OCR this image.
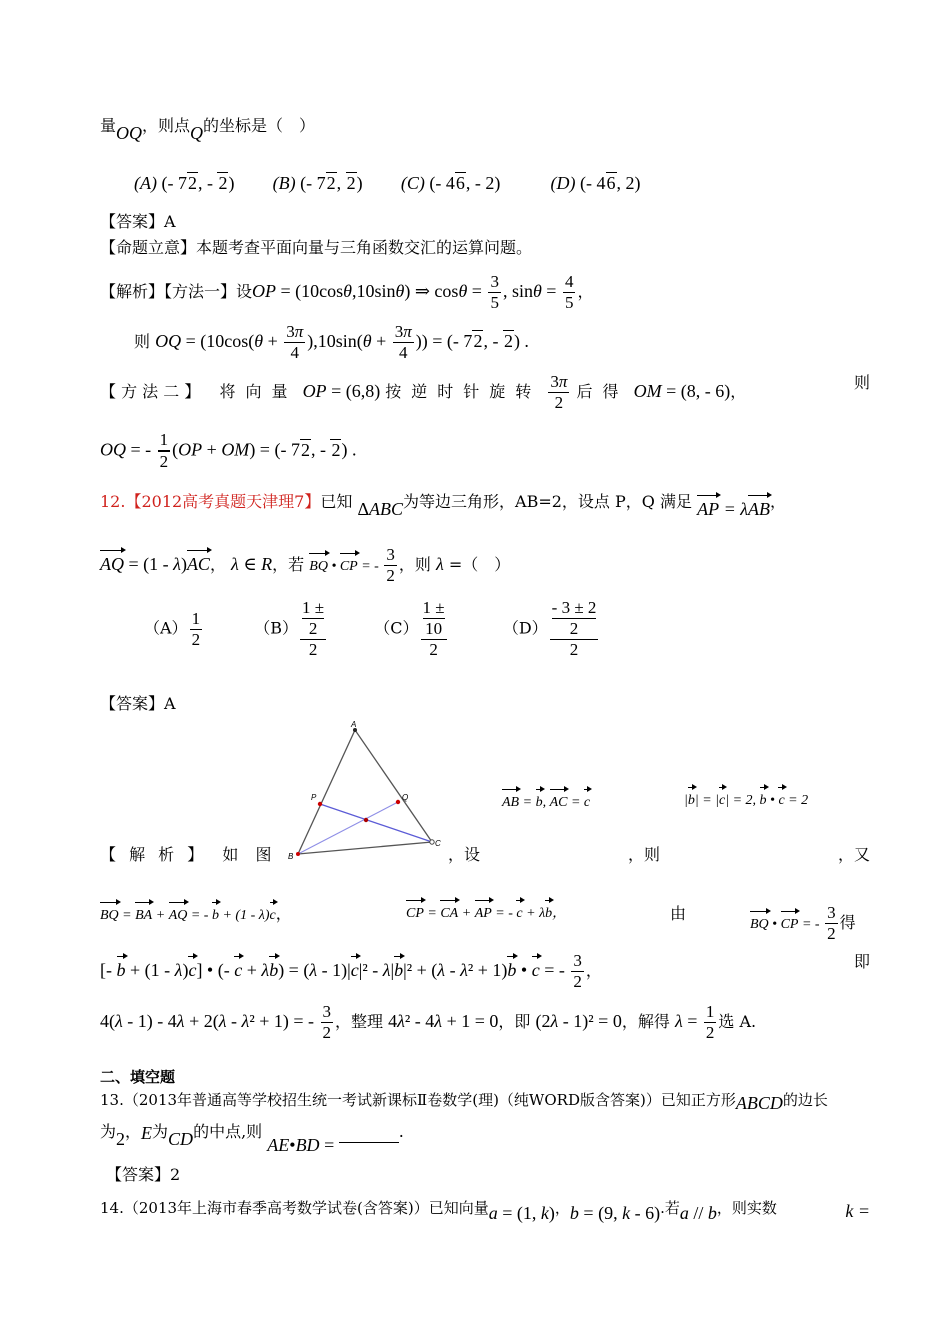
量OQ，则点Q的坐标是（　）
(A) (- 72, - 2) (B) (- 72, 2) (C) (- 46, - 2)	(D) (- 46, 2)
【答案】A
【命题立意】本题考查平面向量与三角函数交汇的运算问题。
【解析】【方法一】设OP = (10cosθ,10sinθ) ⇒ $\cos\theta = \frac{3}{5}$ , $\sin\theta = \frac{4}{5}$ ，
则 OQ = ($10\cos(\theta + \frac{3\pi}{4} ),10\sin(\theta + \frac{3\pi}{4}$ )) = (- 72, - 2) .
【 方 法 二 】 将向量 OP = (6,8) 按逆时针旋转 $\frac{3\pi}{2}$ 后得 OM = (8, - 6)，	则
OQ = - $\frac{1}{2} (OP + OM)$ = (- 72, - 2) .
12.【2012高考真题天津理7】已知 ΔABC为等边三角形，AB=2，设点 P，Q 满足 AP = λAB，
AQ = (1 - λ)AC， λ ∈ R，若 BQ • CP = - $\frac{3}{2}$ ，则 λ =（　）
$(A) \frac{1}{2}$	（B） 1 ±
2
2	（C） 1 ±
10
2	（D） - 3 ± 2
2
2
【答案】A
A
B
C
P	Q	AB = b, AC = c	|b| = |c| = 2, b • c = 2
【 解 析 】 如 图	，设	，则	，又
BQ = BA + AQ = - b + (1 - λ)c，	CP = CA + AP = - c + λb，	由
BQ • CP = - $\frac{3}{2}$ 得
[- b + (1 - λ)c] • (- c + λb) = (λ - 1)|c|² - λ|b|² + (λ - λ² + 1)b • c = - $\frac{3}{2}$ ，	即
4(λ - 1) - 4λ + 2(λ - λ² + 1) = - $\frac{3}{2}$ ，整理 4λ² - 4λ + 1 = 0，即 (2λ - 1)² = 0，解得 $\lambda = \frac{1}{2}$ 选 A.
二、填空题
13.（2013年普通高等学校招生统一考试新课标Ⅱ卷数学(理)（纯WORD版含答案)）已知正方形ABCD的边长
为2，E为CD的中点,则 AE•BD = .
【答案】2
14.（2013年上海市春季高考数学试卷(含答案)）已知向量a = (1, k)，b = (9, k - 6).若a // b，则实数	k =
